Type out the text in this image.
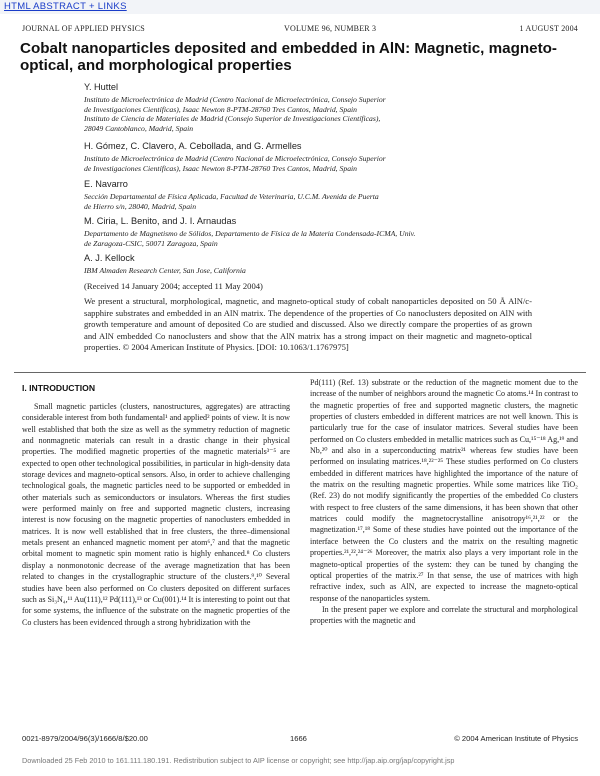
HTML ABSTRACT + LINKS
JOURNAL OF APPLIED PHYSICS	VOLUME 96, NUMBER 3	1 AUGUST 2004
Cobalt nanoparticles deposited and embedded in AlN: Magnetic, magneto-optical, and morphological properties
Y. Huttel
Instituto de Microelectrónica de Madrid (Centro Nacional de Microelectrónica, Consejo Superior
de Investigaciones Científicas), Isaac Newton 8-PTM-28760 Tres Cantos, Madrid, Spain
Instituto de Ciencia de Materiales de Madrid (Consejo Superior de Investigaciones Científicas),
28049 Cantoblanco, Madrid, Spain
H. Gómez, C. Clavero, A. Cebollada, and G. Armelles
Instituto de Microelectrónica de Madrid (Centro Nacional de Microelectrónica, Consejo Superior
de Investigaciones Científicas), Isaac Newton 8-PTM-28760 Tres Cantos, Madrid, Spain
E. Navarro
Sección Departamental de Física Aplicada, Facultad de Veterinaria, U.C.M. Avenida de Puerta
de Hierro s/n, 28040, Madrid, Spain
M. Ciria, L. Benito, and J. I. Arnaudas
Departamento de Magnetismo de Sólidos, Departamento de Física de la Materia Condensada-ICMA, Univ.
de Zaragoza-CSIC, 50071 Zaragoza, Spain
A. J. Kellock
IBM Almaden Research Center, San Jose, California
(Received 14 January 2004; accepted 11 May 2004)
We present a structural, morphological, magnetic, and magneto-optical study of cobalt nanoparticles deposited on 50 Å AlN/c-sapphire substrates and embedded in an AlN matrix. The dependence of the properties of Co nanoclusters deposited on AlN with growth temperature and amount of deposited Co are studied and discussed. Also we directly compare the properties of as grown and AlN embedded Co nanoclusters and show that the AlN matrix has a strong impact on their magnetic and magneto-optical properties. © 2004 American Institute of Physics. [DOI: 10.1063/1.1767975]
I. INTRODUCTION

Small magnetic particles (clusters, nanostructures, aggregates) are attracting considerable interest from both fundamental¹ and applied² points of view. It is now well established that both the size as well as the symmetry reduction of magnetic and nonmagnetic materials can result in a drastic change in their physical properties. The modified magnetic properties of the magnetic materials³⁻⁵ are expected to open other technological possibilities, in particular in high-density data storage devices and magneto-optical sensors. Also, in order to achieve challenging technological goals, the magnetic particles need to be supported or embedded in other materials such as semiconductors or insulators. Whereas the first studies were performed mainly on free and supported magnetic clusters, increasing interest is now focusing on the magnetic properties of nanoclusters embedded in matrices. It is now well established that in free clusters, the three–dimensional metals present an enhanced magnetic moment per atom⁶,⁷ and that the magnetic orbital moment to magnetic spin moment ratio is highly enhanced.⁸ Co clusters display a nonmonotonic decrease of the average magnetization that has been related to changes in the crystallographic structure of the clusters.⁹,¹⁰ Several studies have been also performed on Co clusters deposited on different surfaces such as Si₃N₄,¹¹ Au(111),¹² Pd(111),¹³ or Cu(001).¹⁴ It is interesting to point out that for some systems, the influence of the substrate on the magnetic properties of the Co clusters has been evidenced through a strong hybridization with the

Pd(111) (Ref. 13) substrate or the reduction of the magnetic moment due to the increase of the number of neighbors around the magnetic Co atoms.¹⁴ In contrast to the magnetic properties of free and supported magnetic clusters, the magnetic properties of clusters embedded in different matrices are not well known. This is particularly true for the case of insulator matrices. Several studies have been performed on Co clusters embedded in metallic matrices such as Cu,¹⁵⁻¹⁸ Ag,¹⁹ and Nb,²⁰ and also in a superconducting matrix²¹ whereas few studies have been performed on insulating matrices.¹⁸,²²⁻²⁵ These studies performed on Co clusters embedded in different matrices have highlighted the importance of the nature of the matrix on the resulting magnetic properties. While some matrices like TiO₂ (Ref. 23) do not modify significantly the properties of the embedded Co clusters with respect to free clusters of the same dimensions, it has been shown that other matrices could modify the magnetocrystalline anisotropy¹⁶,²¹,²² or the magnetization.¹⁷,¹⁸ Some of these studies have pointed out the importance of the interface between the Co clusters and the matrix on the resulting magnetic properties.²¹,²²,²⁴⁻²⁶ Moreover, the matrix also plays a very important role in the magneto-optical properties of the system: they can be tuned by changing the optical properties of the matrix.²⁷ In that sense, the use of matrices with high refractive index, such as AlN, are expected to increase the magneto-optical response of the nanoparticles system.

In the present paper we explore and correlate the structural and morphological properties with the magnetic and

0021-8979/2004/96(3)/1666/8/$20.00	1666	© 2004 American Institute of Physics
Downloaded 25 Feb 2010 to 161.111.180.191. Redistribution subject to AIP license or copyright; see http://jap.aip.org/jap/copyright.jsp
